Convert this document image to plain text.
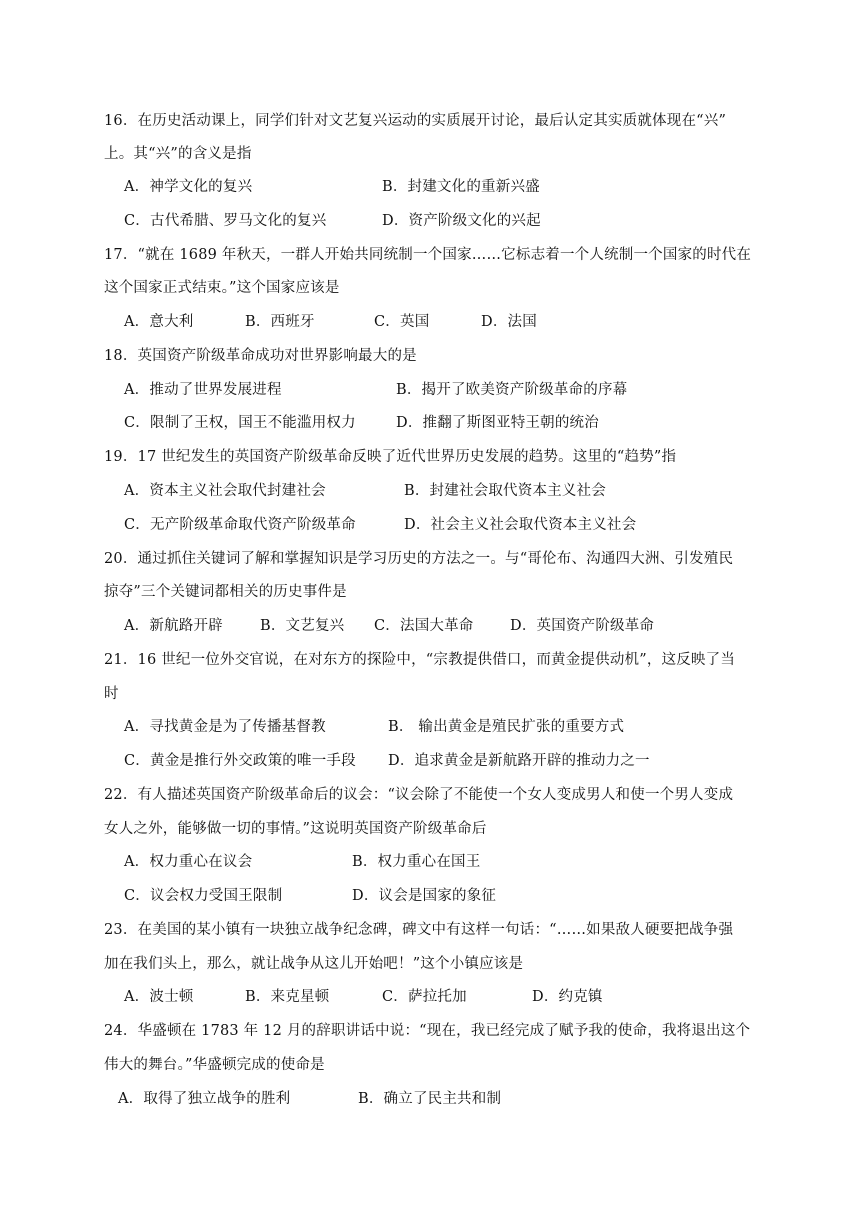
16．在历史活动课上，同学们针对文艺复兴运动的实质展开讨论，最后认定其实质就体现在“兴”
上。其“兴”的含义是指
A．神学文化的复兴	B．封建文化的重新兴盛
C．古代希腊、罗马文化的复兴	D．资产阶级文化的兴起
17．“就在 1689 年秋天，一群人开始共同统制一个国家……它标志着一个人统制一个国家的时代在
这个国家正式结束。”这个国家应该是
A．意大利	B．西班牙	C．英国	D．法国
18．英国资产阶级革命成功对世界影响最大的是
A．推动了世界发展进程	B．揭开了欧美资产阶级革命的序幕
C．限制了王权，国王不能滥用权力	D．推翻了斯图亚特王朝的统治
19．17 世纪发生的英国资产阶级革命反映了近代世界历史发展的趋势。这里的“趋势”指
A．资本主义社会取代封建社会	B．封建社会取代资本主义社会
C．无产阶级革命取代资产阶级革命	D．社会主义社会取代资本主义社会
20．通过抓住关键词了解和掌握知识是学习历史的方法之一。与“哥伦布、沟通四大洲、引发殖民
掠夺”三个关键词都相关的历史事件是
A．新航路开辟	B．文艺复兴 C．法国大革命	D．英国资产阶级革命
21．16 世纪一位外交官说，在对东方的探险中，“宗教提供借口，而黄金提供动机”，这反映了当
时
A．寻找黄金是为了传播基督教	B． 输出黄金是殖民扩张的重要方式
C．黄金是推行外交政策的唯一手段 D．追求黄金是新航路开辟的推动力之一
22．有人描述英国资产阶级革命后的议会：“议会除了不能使一个女人变成男人和使一个男人变成
女人之外，能够做一切的事情。”这说明英国资产阶级革命后
A．权力重心在议会	B．权力重心在国王
C．议会权力受国王限制	D．议会是国家的象征
23．在美国的某小镇有一块独立战争纪念碑，碑文中有这样一句话：“……如果敌人硬要把战争强
加在我们头上，那么，就让战争从这儿开始吧！”这个小镇应该是
A．波士顿	B．来克星顿	C．萨拉托加	D．约克镇
24．华盛顿在 1783 年 12 月的辞职讲话中说：“现在，我已经完成了赋予我的使命，我将退出这个
伟大的舞台。”华盛顿完成的使命是
A．取得了独立战争的胜利	B．确立了民主共和制
